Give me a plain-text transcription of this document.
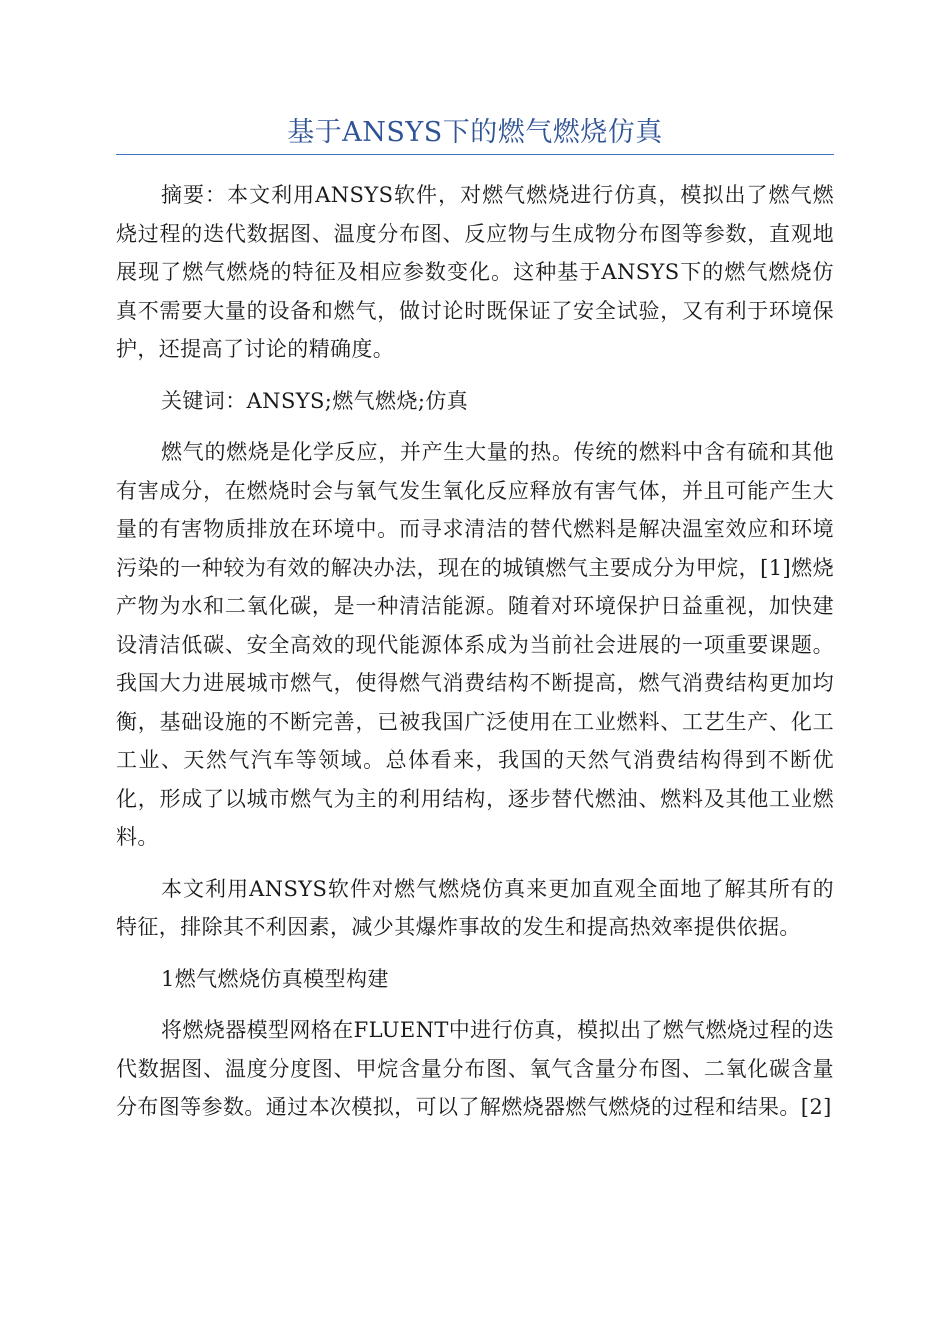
基于ANSYS下的燃气燃烧仿真

摘要：本文利用ANSYS软件，对燃气燃烧进行仿真，模拟出了燃气燃烧过程的迭代数据图、温度分布图、反应物与生成物分布图等参数，直观地展现了燃气燃烧的特征及相应参数变化。这种基于ANSYS下的燃气燃烧仿真不需要大量的设备和燃气，做讨论时既保证了安全试验，又有利于环境保护，还提高了讨论的精确度。

关键词：ANSYS;燃气燃烧;仿真

燃气的燃烧是化学反应，并产生大量的热。传统的燃料中含有硫和其他有害成分，在燃烧时会与氧气发生氧化反应释放有害气体，并且可能产生大量的有害物质排放在环境中。而寻求清洁的替代燃料是解决温室效应和环境污染的一种较为有效的解决办法，现在的城镇燃气主要成分为甲烷，[1]燃烧产物为水和二氧化碳，是一种清洁能源。随着对环境保护日益重视，加快建设清洁低碳、安全高效的现代能源体系成为当前社会进展的一项重要课题。我国大力进展城市燃气，使得燃气消费结构不断提高，燃气消费结构更加均衡，基础设施的不断完善，已被我国广泛使用在工业燃料、工艺生产、化工工业、天然气汽车等领域。总体看来，我国的天然气消费结构得到不断优化，形成了以城市燃气为主的利用结构，逐步替代燃油、燃料及其他工业燃料。

本文利用ANSYS软件对燃气燃烧仿真来更加直观全面地了解其所有的特征，排除其不利因素，减少其爆炸事故的发生和提高热效率提供依据。

1燃气燃烧仿真模型构建

将燃烧器模型网格在FLUENT中进行仿真，模拟出了燃气燃烧过程的迭代数据图、温度分度图、甲烷含量分布图、氧气含量分布图、二氧化碳含量分布图等参数。通过本次模拟，可以了解燃烧器燃气燃烧的过程和结果。[2]
